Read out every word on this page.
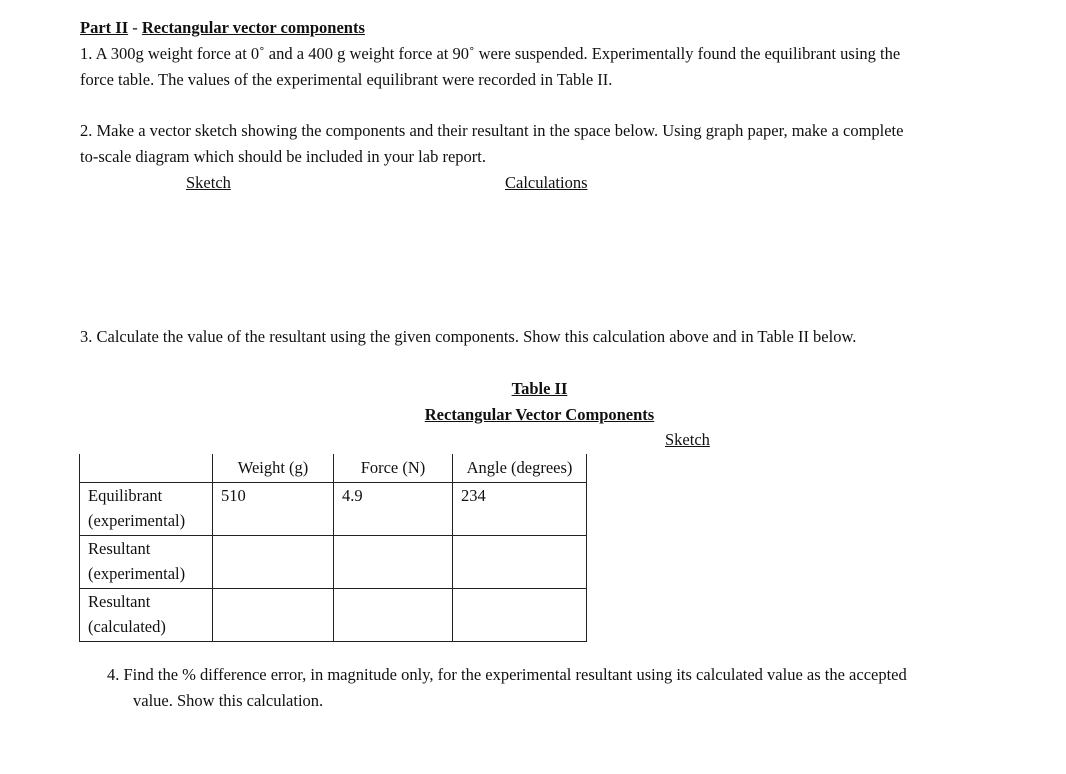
Part II - Rectangular vector components
1. A 300g weight force at 0˚ and a 400 g weight force at 90˚ were suspended. Experimentally found the equilibrant using the
force table. The values of the experimental equilibrant were recorded in Table II.
2. Make a vector sketch showing the components and their resultant in the space below. Using graph paper, make a complete
to-scale diagram which should be included in your lab report.
Sketch	Calculations
3. Calculate the value of the resultant using the given components. Show this calculation above and in Table II below.
Table II
Rectangular Vector Components
Sketch
	Weight (g)	Force (N)	Angle (degrees)

Equilibrant
(experimental)	510	4.9	234

Resultant
(experimental)			

Resultant
(calculated)			

4. Find the % difference error, in magnitude only, for the experimental resultant using its calculated value as the accepted
value. Show this calculation.
